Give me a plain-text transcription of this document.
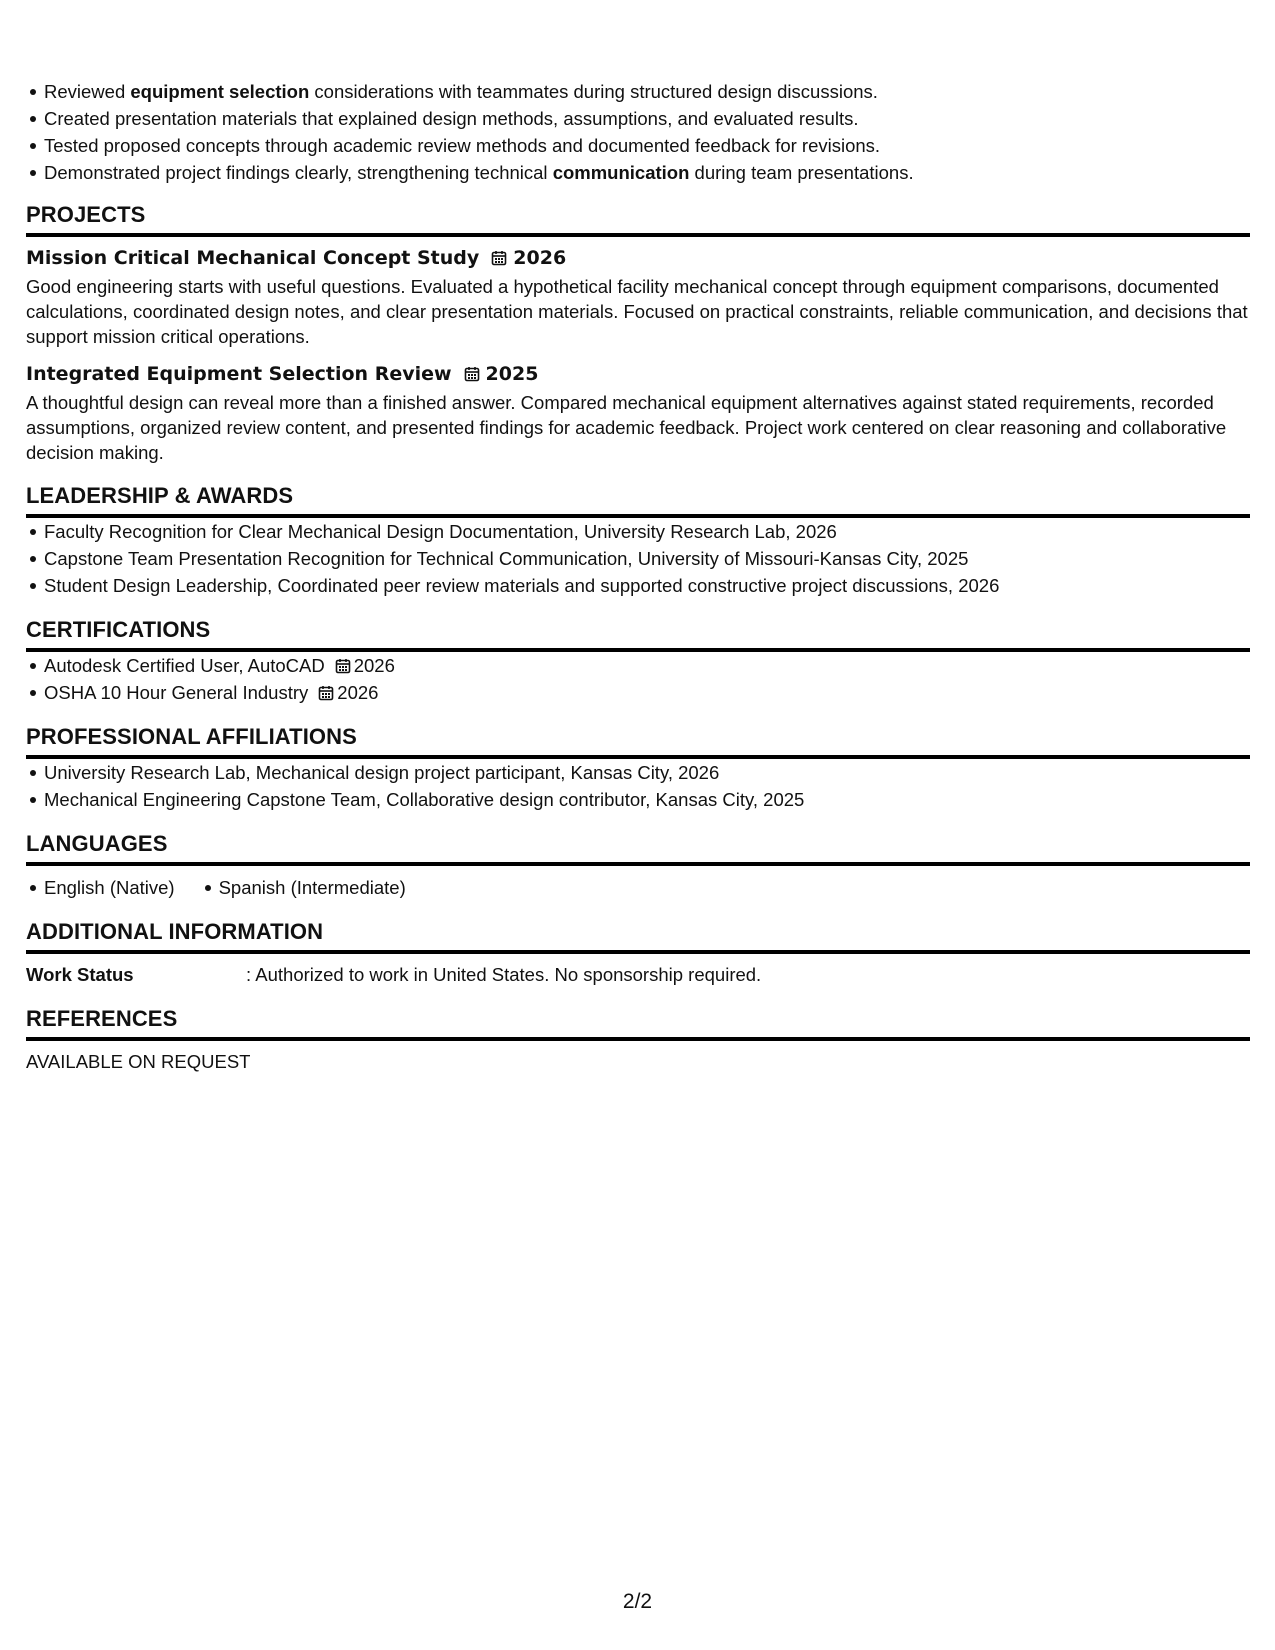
Reviewed equipment selection considerations with teammates during structured design discussions.
Created presentation materials that explained design methods, assumptions, and evaluated results.
Tested proposed concepts through academic review methods and documented feedback for revisions.
Demonstrated project findings clearly, strengthening technical communication during team presentations.
PROJECTS
Mission Critical Mechanical Concept Study 2026
Good engineering starts with useful questions. Evaluated a hypothetical facility mechanical concept through equipment comparisons, documented calculations, coordinated design notes, and clear presentation materials. Focused on practical constraints, reliable communication, and decisions that support mission critical operations.
Integrated Equipment Selection Review 2025
A thoughtful design can reveal more than a finished answer. Compared mechanical equipment alternatives against stated requirements, recorded assumptions, organized review content, and presented findings for academic feedback. Project work centered on clear reasoning and collaborative decision making.
LEADERSHIP & AWARDS
Faculty Recognition for Clear Mechanical Design Documentation, University Research Lab, 2026
Capstone Team Presentation Recognition for Technical Communication, University of Missouri-Kansas City, 2025
Student Design Leadership, Coordinated peer review materials and supported constructive project discussions, 2026
CERTIFICATIONS
Autodesk Certified User, AutoCAD 2026
OSHA 10 Hour General Industry 2026
PROFESSIONAL AFFILIATIONS
University Research Lab, Mechanical design project participant, Kansas City, 2026
Mechanical Engineering Capstone Team, Collaborative design contributor, Kansas City, 2025
LANGUAGES
English (Native) Spanish (Intermediate)
ADDITIONAL INFORMATION
Work Status	: Authorized to work in United States. No sponsorship required.
REFERENCES
AVAILABLE ON REQUEST
2/2
